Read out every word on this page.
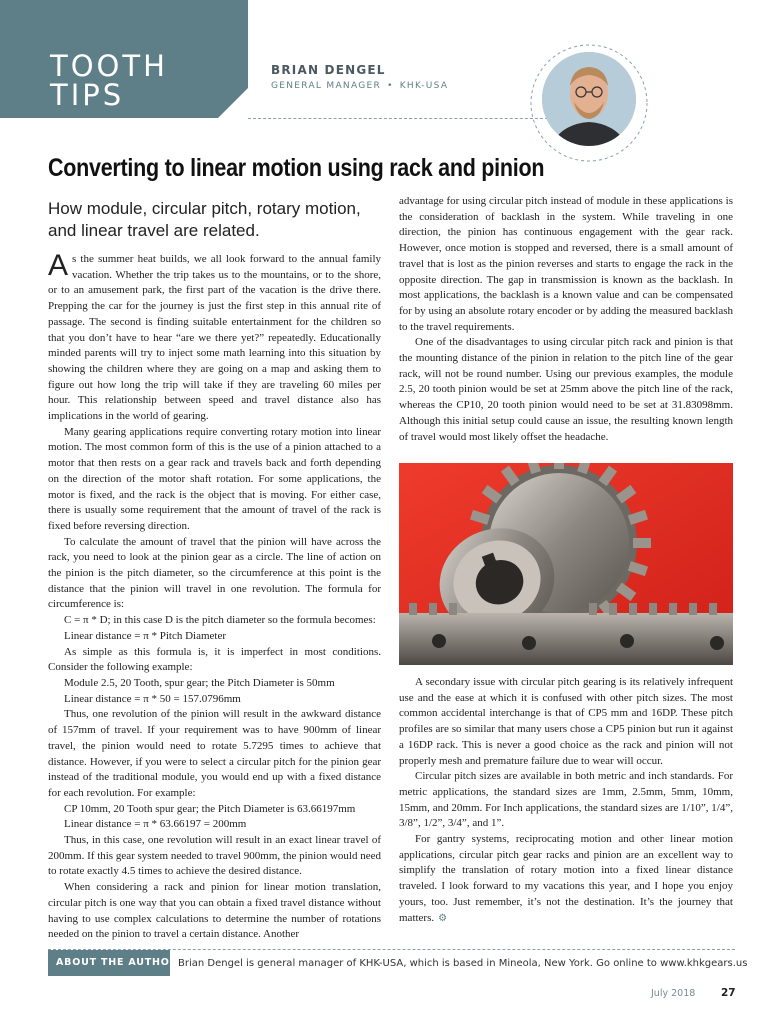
TOOTH
TIPS
BRIAN DENGEL
GENERAL MANAGER • KHK-USA
Converting to linear motion using rack and pinion
How module, circular pitch, rotary motion, and linear travel are related.

As the summer heat builds, we all look forward to the annual family vacation. Whether the trip takes us to the mountains, or to the shore, or to an amusement park, the first part of the vacation is the drive there. Prepping the car for the journey is just the first step in this annual rite of passage. The second is finding suitable entertainment for the children so that you don’t have to hear “are we there yet?” repeatedly. Educationally minded parents will try to inject some math learning into this situation by showing the children where they are going on a map and asking them to figure out how long the trip will take if they are traveling 60 miles per hour. This relationship between speed and travel distance also has implications in the world of gearing.

Many gearing applications require converting rotary motion into linear motion. The most common form of this is the use of a pinion attached to a motor that then rests on a gear rack and travels back and forth depending on the direction of the motor shaft rotation. For some applications, the motor is fixed, and the rack is the object that is moving. For either case, there is usually some requirement that the amount of travel of the rack is fixed before reversing direction.

To calculate the amount of travel that the pinion will have across the rack, you need to look at the pinion gear as a circle. The line of action on the pinion is the pitch diameter, so the circumference at this point is the distance that the pinion will travel in one revolution. The formula for circumference is:

C = π * D; in this case D is the pitch diameter so the formula becomes:

Linear distance = π * Pitch Diameter

As simple as this formula is, it is imperfect in most conditions. Consider the following example:

Module 2.5, 20 Tooth, spur gear; the Pitch Diameter is 50mm

Linear distance = π * 50 = 157.0796mm

Thus, one revolution of the pinion will result in the awkward distance of 157mm of travel. If your requirement was to have 900mm of linear travel, the pinion would need to rotate 5.7295 times to achieve that distance. However, if you were to select a circular pitch for the pinion gear instead of the traditional module, you would end up with a fixed distance for each revolution. For example:

CP 10mm, 20 Tooth spur gear; the Pitch Diameter is 63.66197mm

Linear distance = π * 63.66197 = 200mm

Thus, in this case, one revolution will result in an exact linear travel of 200mm. If this gear system needed to travel 900mm, the pinion would need to rotate exactly 4.5 times to achieve the desired distance.

When considering a rack and pinion for linear motion translation, circular pitch is one way that you can obtain a fixed travel distance without having to use complex calculations to determine the number of rotations needed on the pinion to travel a certain distance. Another

advantage for using circular pitch instead of module in these applications is the consideration of backlash in the system. While traveling in one direction, the pinion has continuous engagement with the gear rack. However, once motion is stopped and reversed, there is a small amount of travel that is lost as the pinion reverses and starts to engage the rack in the opposite direction. The gap in transmission is known as the backlash. In most applications, the backlash is a known value and can be compensated for by using an absolute rotary encoder or by adding the measured backlash to the travel requirements.

One of the disadvantages to using circular pitch rack and pinion is that the mounting distance of the pinion in relation to the pitch line of the gear rack, will not be round number. Using our previous examples, the module 2.5, 20 tooth pinion would be set at 25mm above the pitch line of the rack, whereas the CP10, 20 tooth pinion would need to be set at 31.83098mm. Although this initial setup could cause an issue, the resulting known length of travel would most likely offset the headache.

A secondary issue with circular pitch gearing is its relatively infrequent use and the ease at which it is confused with other pitch sizes. The most common accidental interchange is that of CP5 mm and 16DP. These pitch profiles are so similar that many users chose a CP5 pinion but run it against a 16DP rack. This is never a good choice as the rack and pinion will not properly mesh and premature failure due to wear will occur.

Circular pitch sizes are available in both metric and inch standards. For metric applications, the standard sizes are 1mm, 2.5mm, 5mm, 10mm, 15mm, and 20mm. For Inch applications, the standard sizes are 1/10”, 1/4”, 3/8”, 1/2”, 3/4”, and 1”.

For gantry systems, reciprocating motion and other linear motion applications, circular pitch gear racks and pinion are an excellent way to simplify the translation of rotary motion into a fixed linear distance traveled. I look forward to my vacations this year, and I hope you enjoy yours, too. Just remember, it’s not the destination. It’s the journey that matters. ⚙

ABOUT THE AUTHOR Brian Dengel is general manager of KHK-USA, which is based in Mineola, New York. Go online to www.khkgears.us
July 2018 27
